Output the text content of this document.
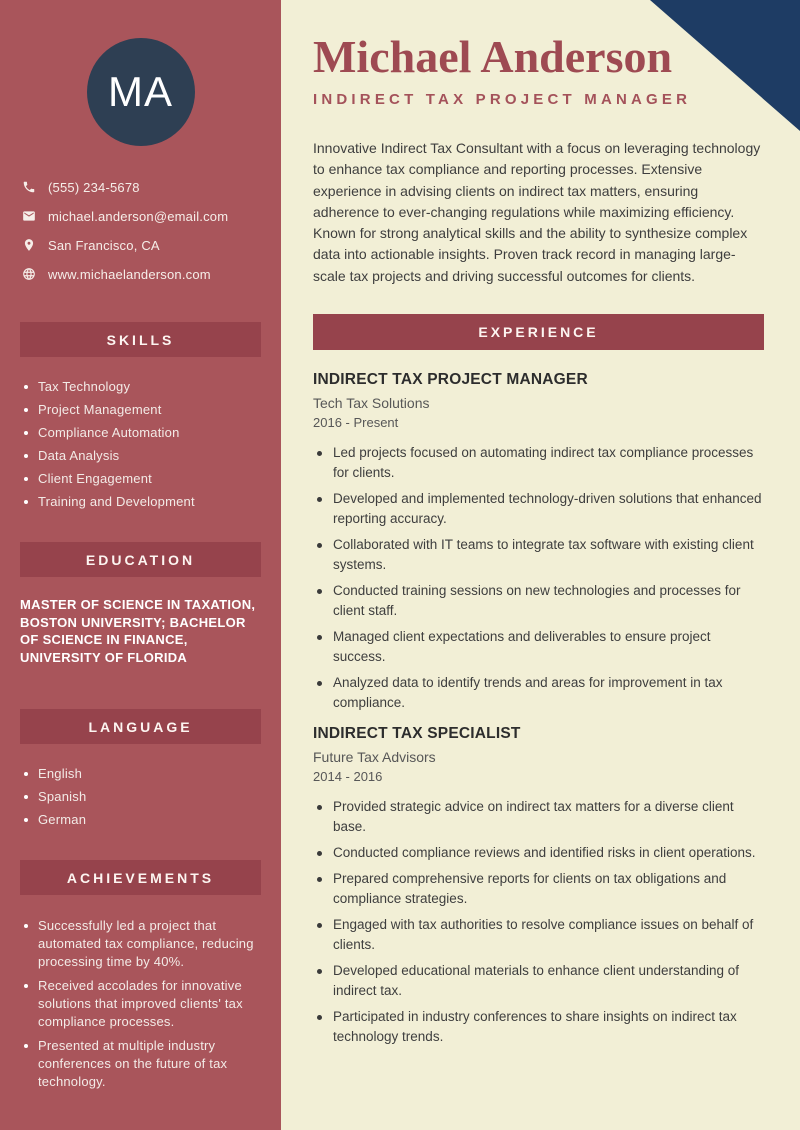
MA
(555) 234-5678
michael.anderson@email.com
San Francisco, CA
www.michaelanderson.com
SKILLS
Tax Technology
Project Management
Compliance Automation
Data Analysis
Client Engagement
Training and Development
EDUCATION
MASTER OF SCIENCE IN TAXATION, BOSTON UNIVERSITY; BACHELOR OF SCIENCE IN FINANCE, UNIVERSITY OF FLORIDA
LANGUAGE
English
Spanish
German
ACHIEVEMENTS
Successfully led a project that automated tax compliance, reducing processing time by 40%.
Received accolades for innovative solutions that improved clients' tax compliance processes.
Presented at multiple industry conferences on the future of tax technology.
Michael Anderson
INDIRECT TAX PROJECT MANAGER

Innovative Indirect Tax Consultant with a focus on leveraging technology to enhance tax compliance and reporting processes. Extensive experience in advising clients on indirect tax matters, ensuring adherence to ever-changing regulations while maximizing efficiency. Known for strong analytical skills and the ability to synthesize complex data into actionable insights. Proven track record in managing large-scale tax projects and driving successful outcomes for clients.

EXPERIENCE
INDIRECT TAX PROJECT MANAGER
Tech Tax Solutions
2016 - Present
Led projects focused on automating indirect tax compliance processes for clients.
Developed and implemented technology-driven solutions that enhanced reporting accuracy.
Collaborated with IT teams to integrate tax software with existing client systems.
Conducted training sessions on new technologies and processes for client staff.
Managed client expectations and deliverables to ensure project success.
Analyzed data to identify trends and areas for improvement in tax compliance.
INDIRECT TAX SPECIALIST
Future Tax Advisors
2014 - 2016
Provided strategic advice on indirect tax matters for a diverse client base.
Conducted compliance reviews and identified risks in client operations.
Prepared comprehensive reports for clients on tax obligations and compliance strategies.
Engaged with tax authorities to resolve compliance issues on behalf of clients.
Developed educational materials to enhance client understanding of indirect tax.
Participated in industry conferences to share insights on indirect tax technology trends.
